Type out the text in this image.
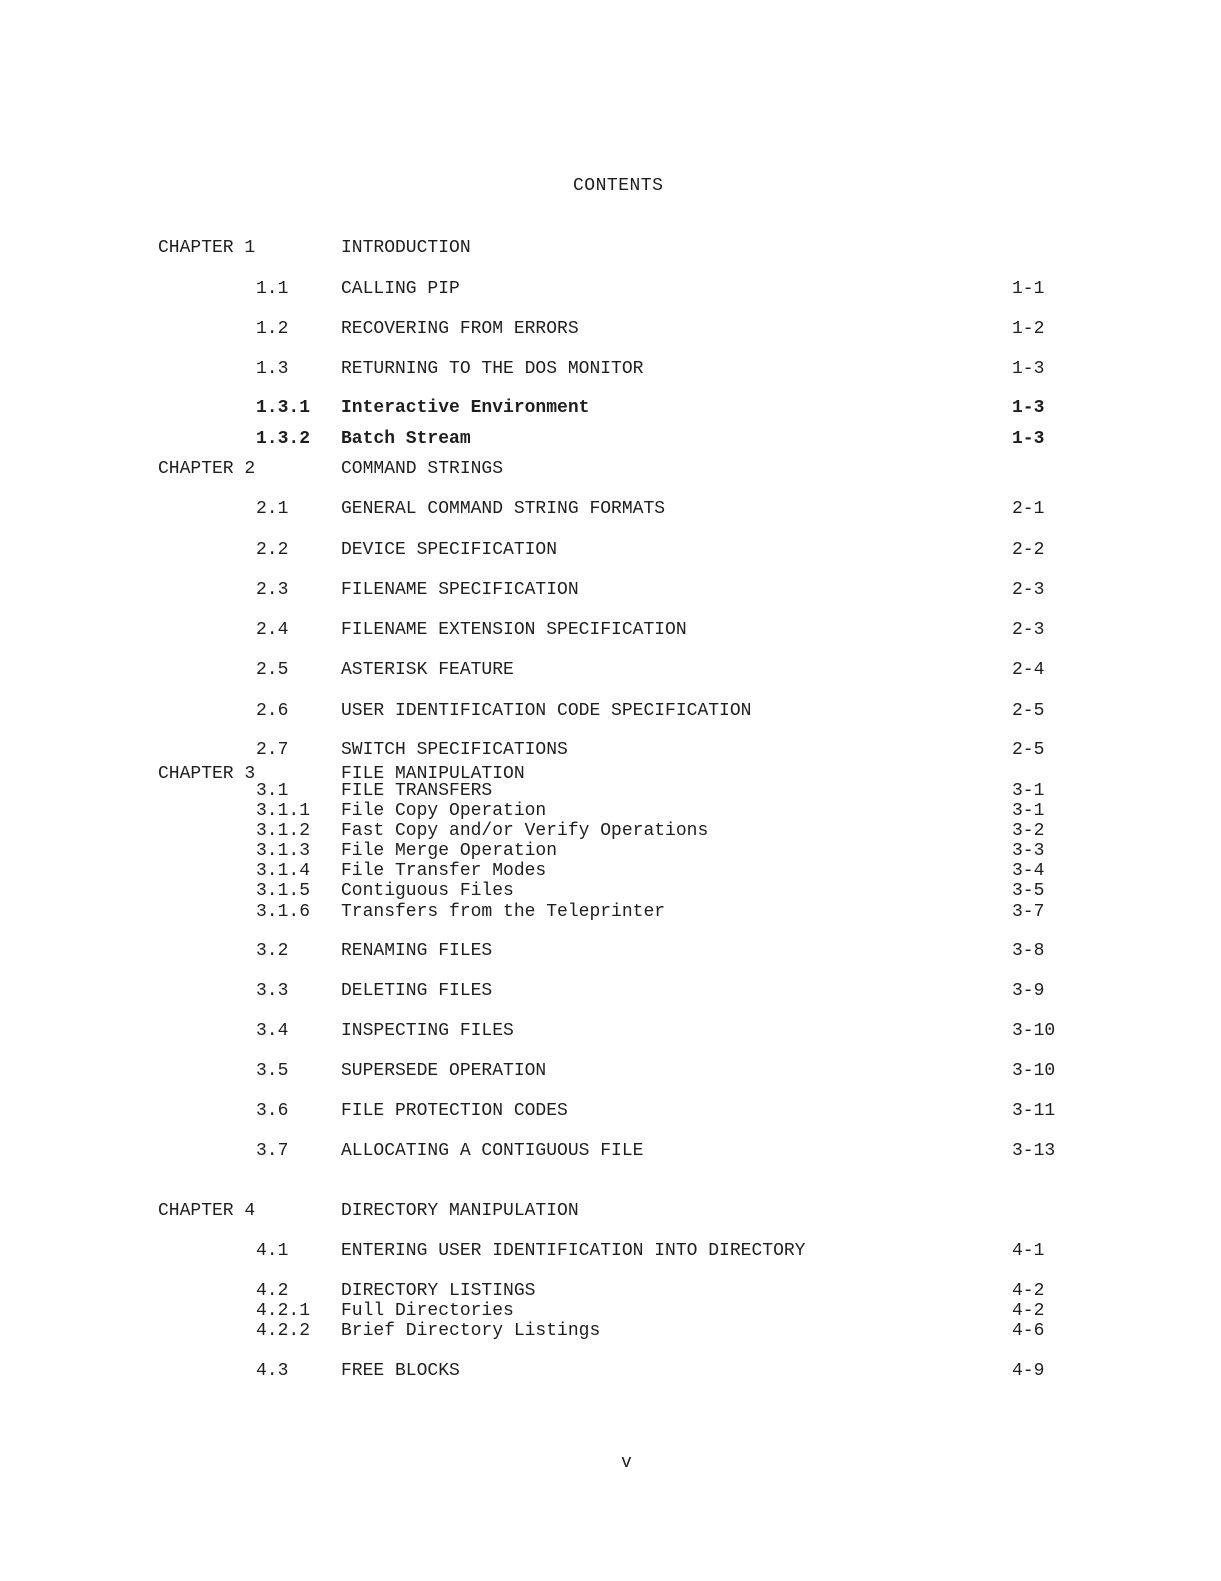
CONTENTS
CHAPTER 1	INTRODUCTION
1.1	CALLING PIP	1-1
1.2	RECOVERING FROM ERRORS	1-2
1.3	RETURNING TO THE DOS MONITOR	1-3
1.3.1 Interactive Environment	1-3
1.3.2 Batch Stream	1-3
CHAPTER 2	COMMAND STRINGS
2.1	GENERAL COMMAND STRING FORMATS	2-1
2.2	DEVICE SPECIFICATION	2-2
2.3	FILENAME SPECIFICATION	2-3
2.4	FILENAME EXTENSION SPECIFICATION	2-3
2.5	ASTERISK FEATURE	2-4
2.6	USER IDENTIFICATION CODE SPECIFICATION	2-5
2.7	SWITCH SPECIFICATIONS	2-5
CHAPTER 3	FILE MANIPULATION
3.1	FILE TRANSFERS	3-1
3.1.1 File Copy Operation	3-1
3.1.2 Fast Copy and/or Verify Operations	3-2
3.1.3 File Merge Operation	3-3
3.1.4 File Transfer Modes	3-4
3.1.5 Contiguous Files	3-5
3.1.6 Transfers from the Teleprinter	3-7
3.2	RENAMING FILES	3-8
3.3	DELETING FILES	3-9
3.4	INSPECTING FILES	3-10
3.5	SUPERSEDE OPERATION	3-10
3.6	FILE PROTECTION CODES	3-11
3.7	ALLOCATING A CONTIGUOUS FILE	3-13
CHAPTER 4	DIRECTORY MANIPULATION
4.1	ENTERING USER IDENTIFICATION INTO DIRECTORY	4-1
4.2	DIRECTORY LISTINGS	4-2
4.2.1 Full Directories	4-2
4.2.2 Brief Directory Listings	4-6
4.3	FREE BLOCKS	4-9
v
